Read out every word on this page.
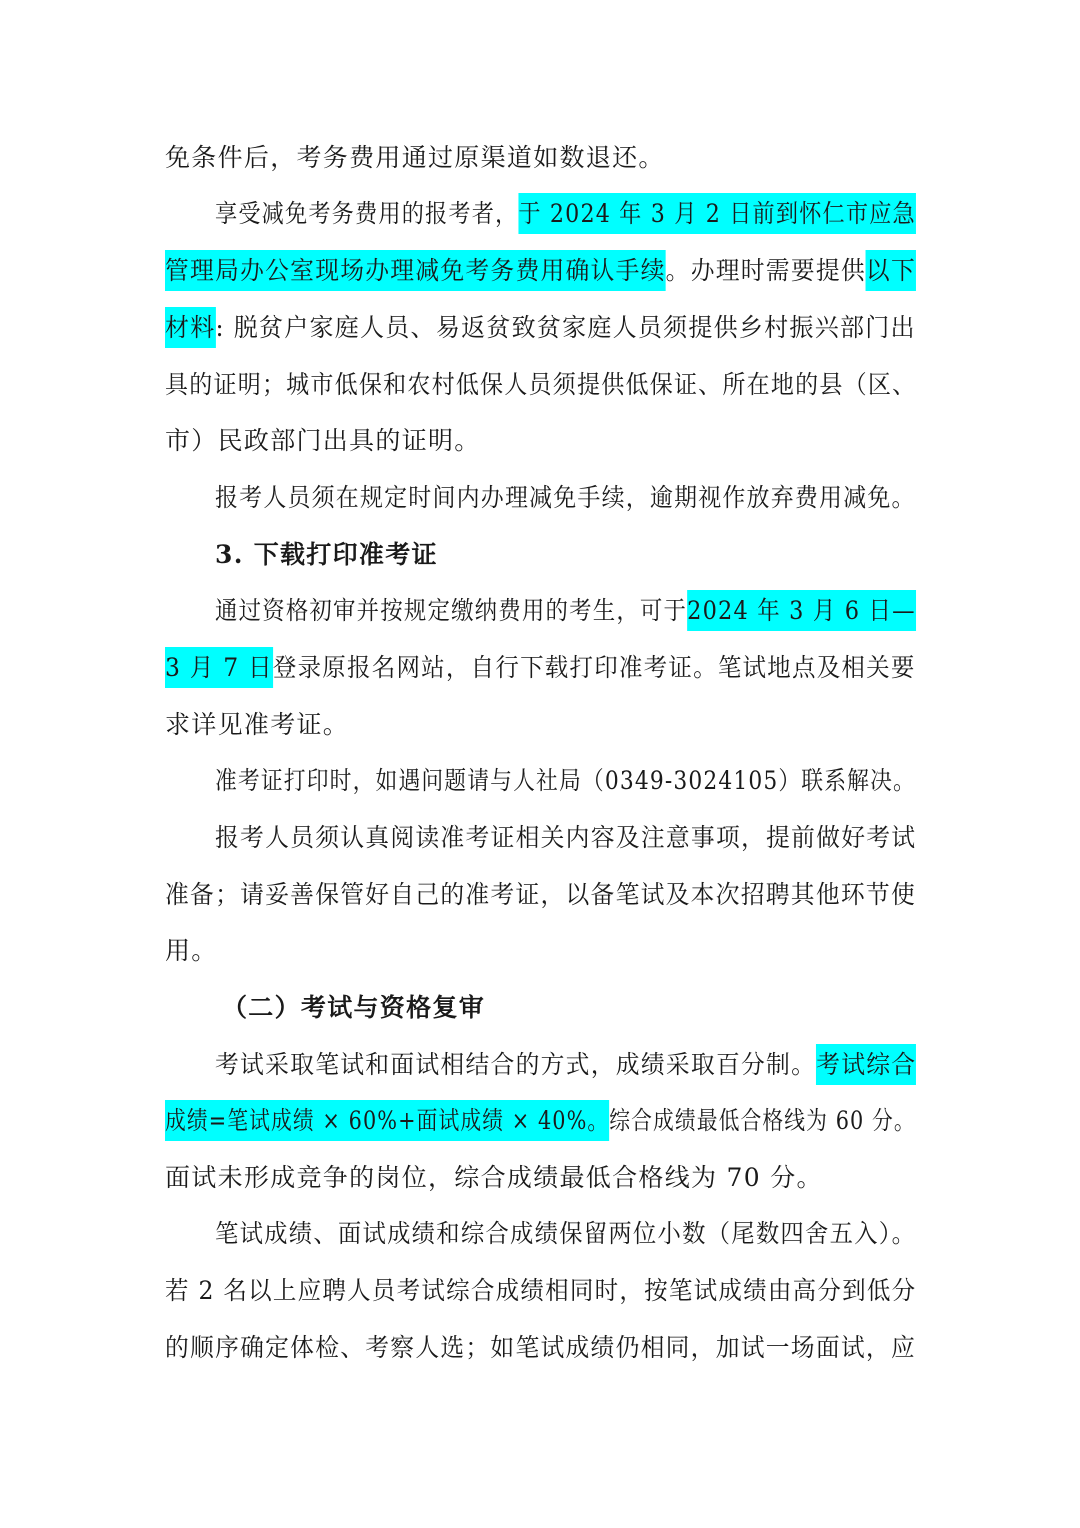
免条件后，考务费用通过原渠道如数退还。
享受减免考务费用的报考者，于 2024 年 3 月 2 日前到怀仁市应急
管理局办公室现场办理减免考务费用确认手续。办理时需要提供以下
材料: 脱贫户家庭人员、易返贫致贫家庭人员须提供乡村振兴部门出
具的证明；城市低保和农村低保人员须提供低保证、所在地的县（区、
市）民政部门出具的证明。
报考人员须在规定时间内办理减免手续，逾期视作放弃费用减免。
3. 下载打印准考证
通过资格初审并按规定缴纳费用的考生，可于2024 年 3 月 6 日—
3 月 7 日登录原报名网站，自行下载打印准考证。笔试地点及相关要
求详见准考证。
准考证打印时，如遇问题请与人社局（0349-3024105）联系解决。
报考人员须认真阅读准考证相关内容及注意事项，提前做好考试
准备；请妥善保管好自己的准考证，以备笔试及本次招聘其他环节使
用。
（二）考试与资格复审
考试采取笔试和面试相结合的方式，成绩采取百分制。考试综合
成绩=笔试成绩 × 60%+面试成绩 × 40%。综合成绩最低合格线为 60 分。
面试未形成竞争的岗位，综合成绩最低合格线为 70 分。
笔试成绩、面试成绩和综合成绩保留两位小数（尾数四舍五入）。
若 2 名以上应聘人员考试综合成绩相同时，按笔试成绩由高分到低分
的顺序确定体检、考察人选；如笔试成绩仍相同，加试一场面试，应
